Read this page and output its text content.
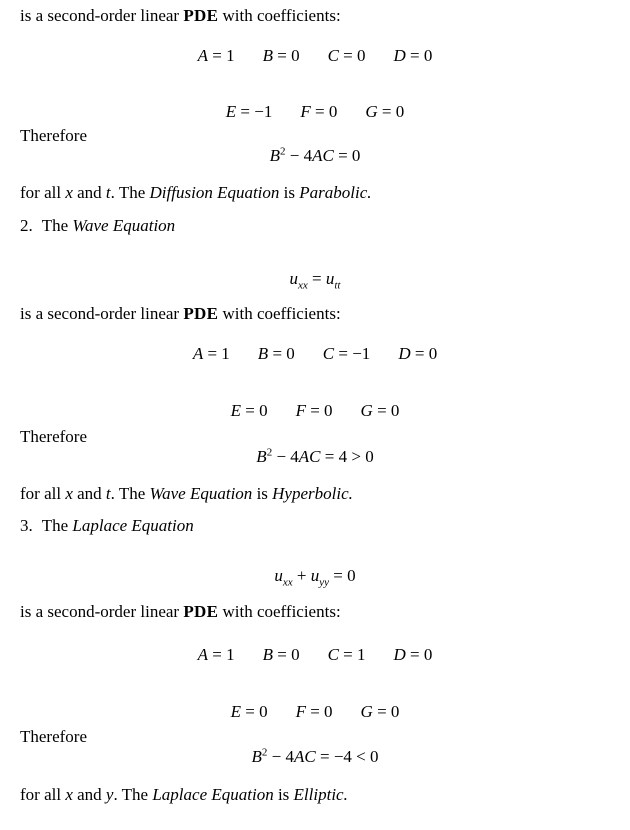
is a second-order linear PDE with coefficients:
A = 1 B = 0 C = 0 D = 0
E = −1 F = 0 G = 0
Therefore
$B^2 - 4AC = 0$
for all x and t. The Diffusion Equation is Parabolic.
2. The Wave Equation
$u_{xx} = u_{tt}$
is a second-order linear PDE with coefficients:
A = 1 B = 0 C = −1 D = 0
E = 0 F = 0 G = 0
Therefore
$B^2 - 4AC = 4 > 0$
for all x and t. The Wave Equation is Hyperbolic.
3. The Laplace Equation
$u_{xx} + u_{yy} = 0$
is a second-order linear PDE with coefficients:
A = 1 B = 0 C = 1 D = 0
E = 0 F = 0 G = 0
Therefore
$B^2 - 4AC = -4 < 0$
for all x and y. The Laplace Equation is Elliptic.
